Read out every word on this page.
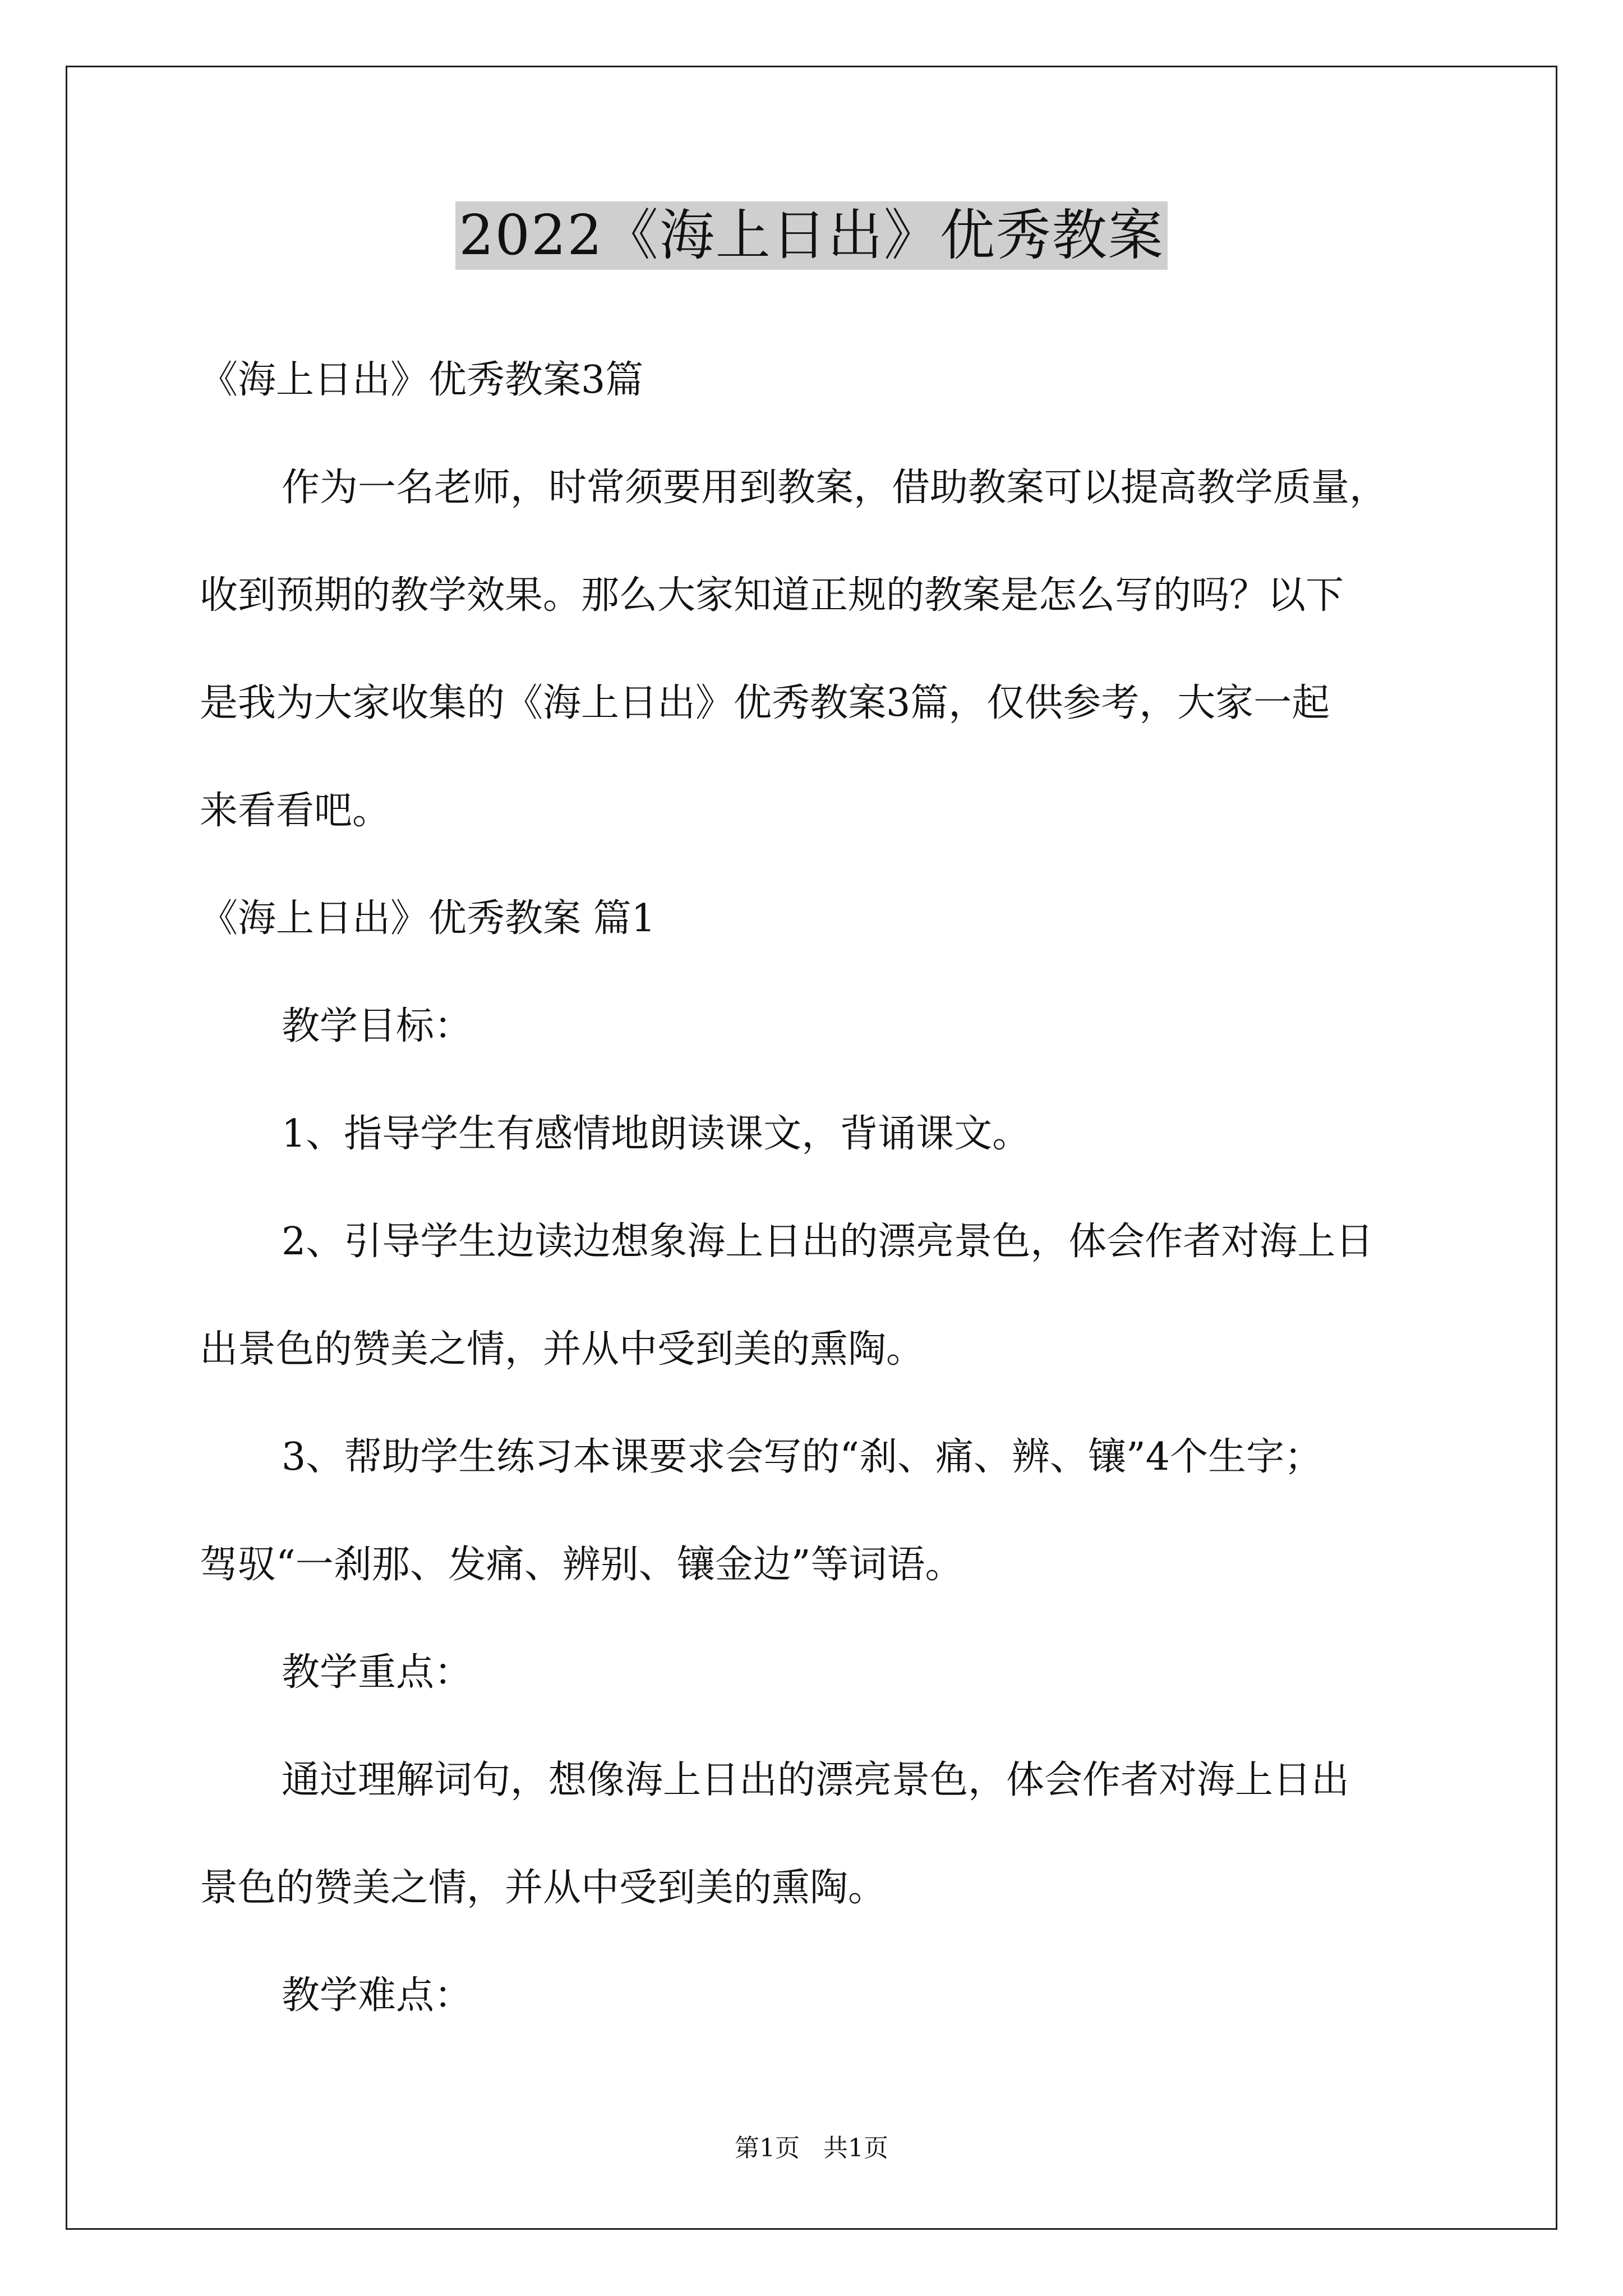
2022《海上日出》优秀教案
《海上日出》优秀教案3篇
作为一名老师，时常须要用到教案，借助教案可以提高教学质量，
收到预期的教学效果。那么大家知道正规的教案是怎么写的吗？以下
是我为大家收集的《海上日出》优秀教案3篇，仅供参考，大家一起
来看看吧。
《海上日出》优秀教案 篇1
教学目标：
1、指导学生有感情地朗读课文，背诵课文。
2、引导学生边读边想象海上日出的漂亮景色，体会作者对海上日
出景色的赞美之情，并从中受到美的熏陶。
3、帮助学生练习本课要求会写的“刹、痛、辨、镶”4个生字；
驾驭“一刹那、发痛、辨别、镶金边”等词语。
教学重点：
通过理解词句，想像海上日出的漂亮景色，体会作者对海上日出
景色的赞美之情，并从中受到美的熏陶。
教学难点：
第1页   共1页
